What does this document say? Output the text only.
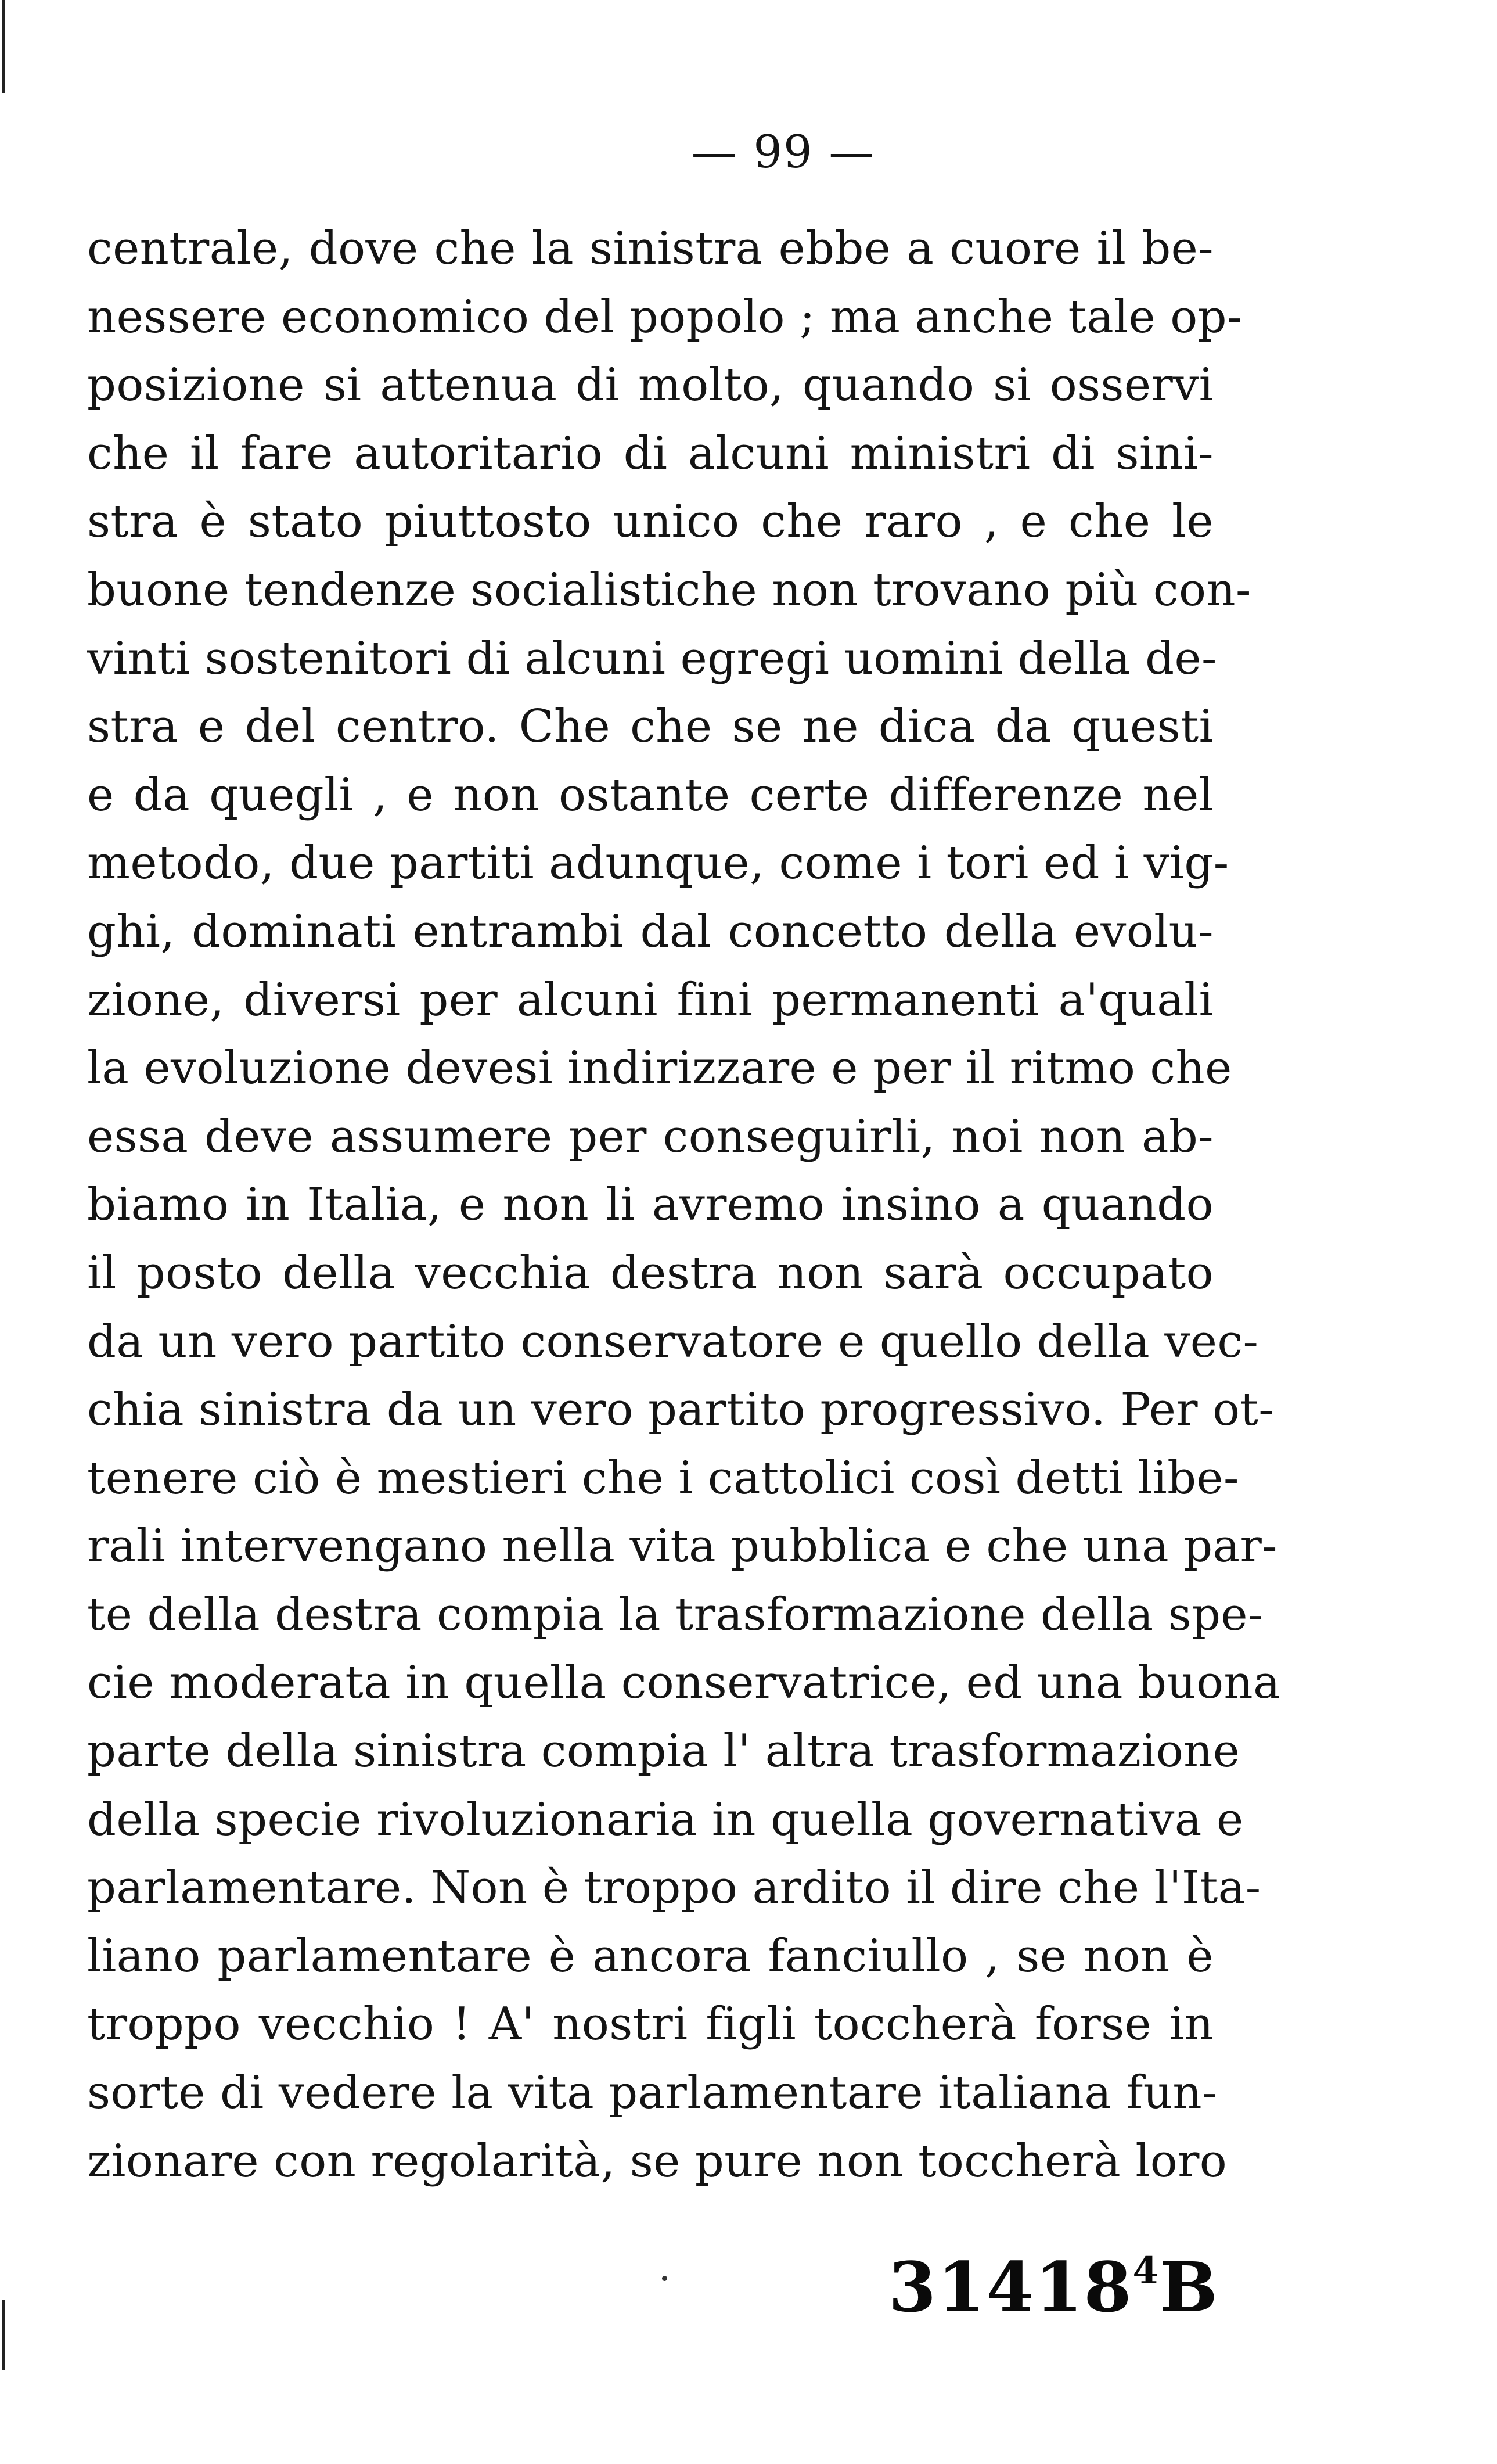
— 99 —
centrale, dove che la sinistra ebbe a cuore il be-
nessere economico del popolo ; ma anche tale op-
posizione si attenua di molto, quando si osservi
che il fare autoritario di alcuni ministri di sini-
stra è stato piuttosto unico che raro , e che le
buone tendenze socialistiche non trovano più con-
vinti sostenitori di alcuni egregi uomini della de-
stra e del centro. Che che se ne dica da questi
e da quegli , e non ostante certe differenze nel
metodo, due partiti adunque, come i tori ed i vig-
ghi, dominati entrambi dal concetto della evolu-
zione, diversi per alcuni fini permanenti a'quali
la evoluzione devesi indirizzare e per il ritmo che
essa deve assumere per conseguirli, noi non ab-
biamo in Italia, e non li avremo insino a quando
il posto della vecchia destra non sarà occupato
da un vero partito conservatore e quello della vec-
chia sinistra da un vero partito progressivo. Per ot-
tenere ciò è mestieri che i cattolici così detti libe-
rali intervengano nella vita pubblica e che una par-
te della destra compia la trasformazione della spe-
cie moderata in quella conservatrice, ed una buona
parte della sinistra compia l' altra trasformazione
della specie rivoluzionaria in quella governativa e
parlamentare. Non è troppo ardito il dire che l'Ita-
liano parlamentare è ancora fanciullo , se non è
troppo vecchio ! A' nostri figli toccherà forse in
sorte di vedere la vita parlamentare italiana fun-
zionare con regolarità, se pure non toccherà loro
31418$^4$B
